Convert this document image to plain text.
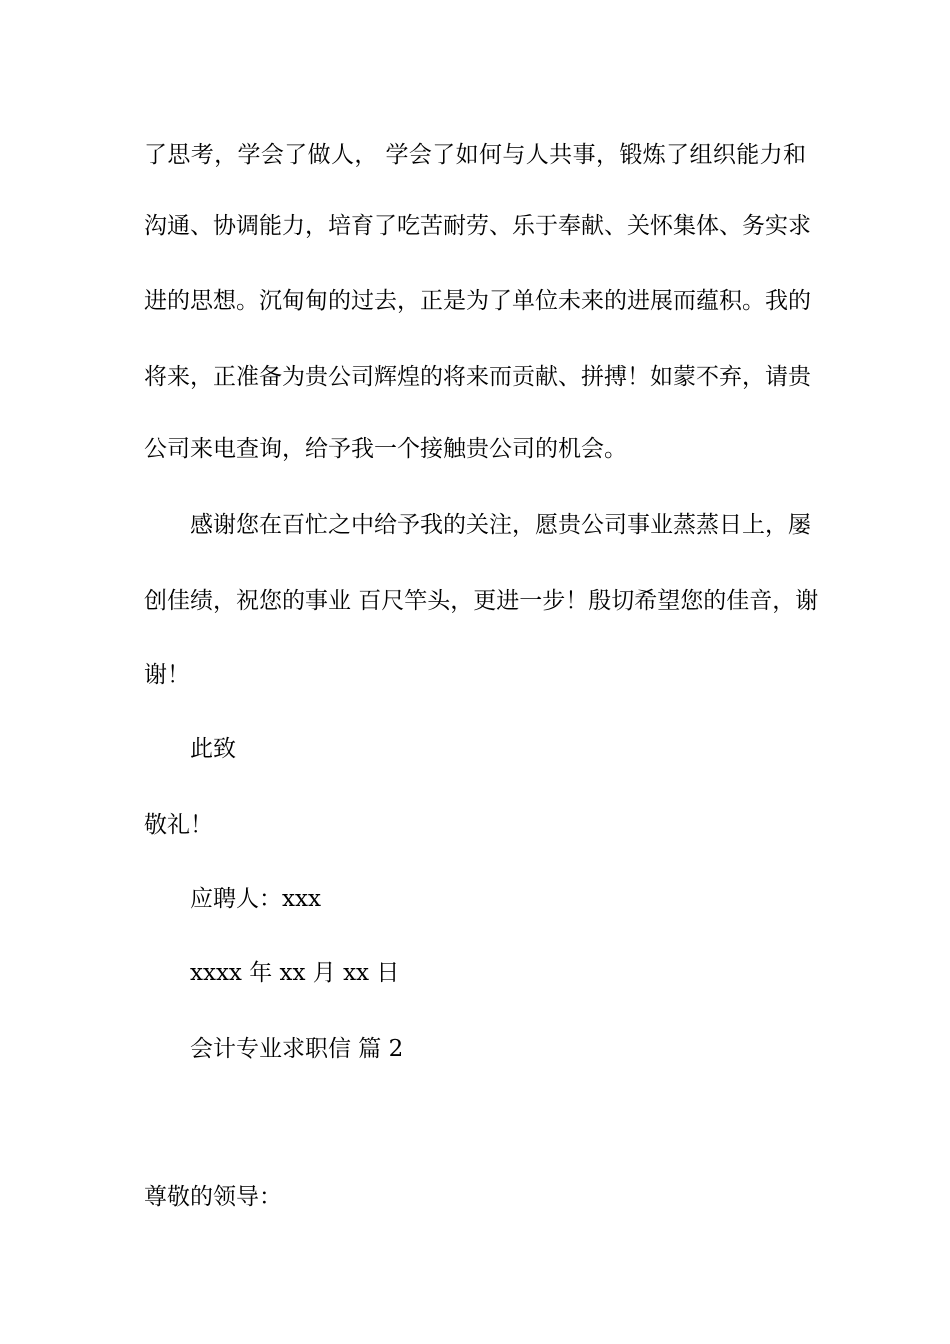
了思考，学会了做人， 学会了如何与人共事，锻炼了组织能力和
沟通、协调能力，培育了吃苦耐劳、乐于奉献、关怀集体、务实求
进的思想。沉甸甸的过去，正是为了单位未来的进展而蕴积。我的
将来，正准备为贵公司辉煌的将来而贡献、拼搏！如蒙不弃，请贵
公司来电查询，给予我一个接触贵公司的机会。
感谢您在百忙之中给予我的关注，愿贵公司事业蒸蒸日上，屡
创佳绩，祝您的事业 百尺竿头，更进一步！殷切希望您的佳音，谢
谢！
此致
敬礼！
应聘人：xxx
xxxx 年 xx 月 xx 日
会计专业求职信 篇 2
尊敬的领导：
